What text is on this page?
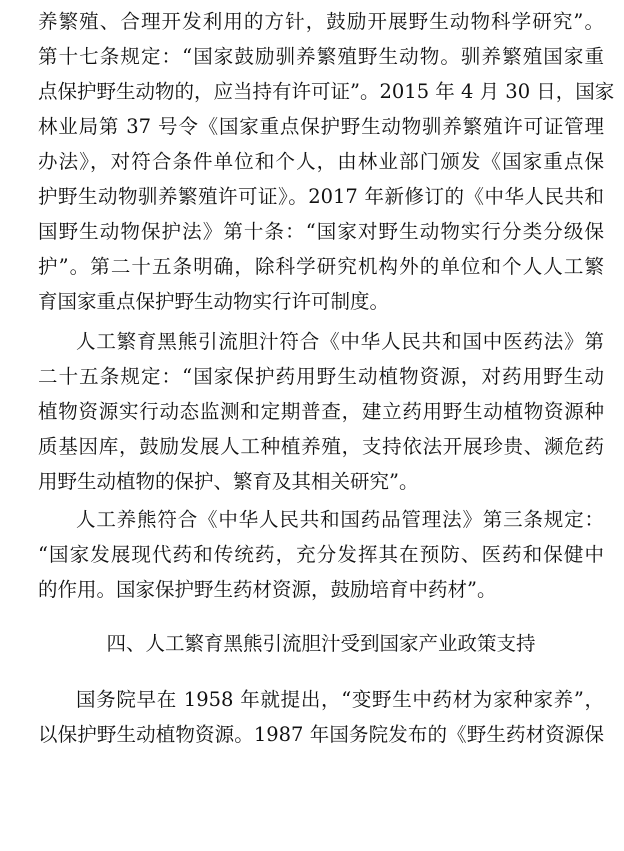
养繁殖、合理开发利用的方针，鼓励开展野生动物科学研究”。
第十七条规定：“国家鼓励驯养繁殖野生动物。驯养繁殖国家重
点保护野生动物的，应当持有许可证”。2015 年 4 月 30 日，国家
林业局第 37 号令《国家重点保护野生动物驯养繁殖许可证管理
办法》，对符合条件单位和个人，由林业部门颁发《国家重点保
护野生动物驯养繁殖许可证》。2017 年新修订的《中华人民共和
国野生动物保护法》第十条：“国家对野生动物实行分类分级保
护”。第二十五条明确，除科学研究机构外的单位和个人人工繁
育国家重点保护野生动物实行许可制度。
人工繁育黑熊引流胆汁符合《中华人民共和国中医药法》第
二十五条规定：“国家保护药用野生动植物资源，对药用野生动
植物资源实行动态监测和定期普查，建立药用野生动植物资源种
质基因库，鼓励发展人工种植养殖，支持依法开展珍贵、濒危药
用野生动植物的保护、繁育及其相关研究”。
人工养熊符合《中华人民共和国药品管理法》第三条规定：
“国家发展现代药和传统药，充分发挥其在预防、医药和保健中
的作用。国家保护野生药材资源，鼓励培育中药材”。
四、人工繁育黑熊引流胆汁受到国家产业政策支持
国务院早在 1958 年就提出，“变野生中药材为家种家养”，
以保护野生动植物资源。1987 年国务院发布的《野生药材资源保
